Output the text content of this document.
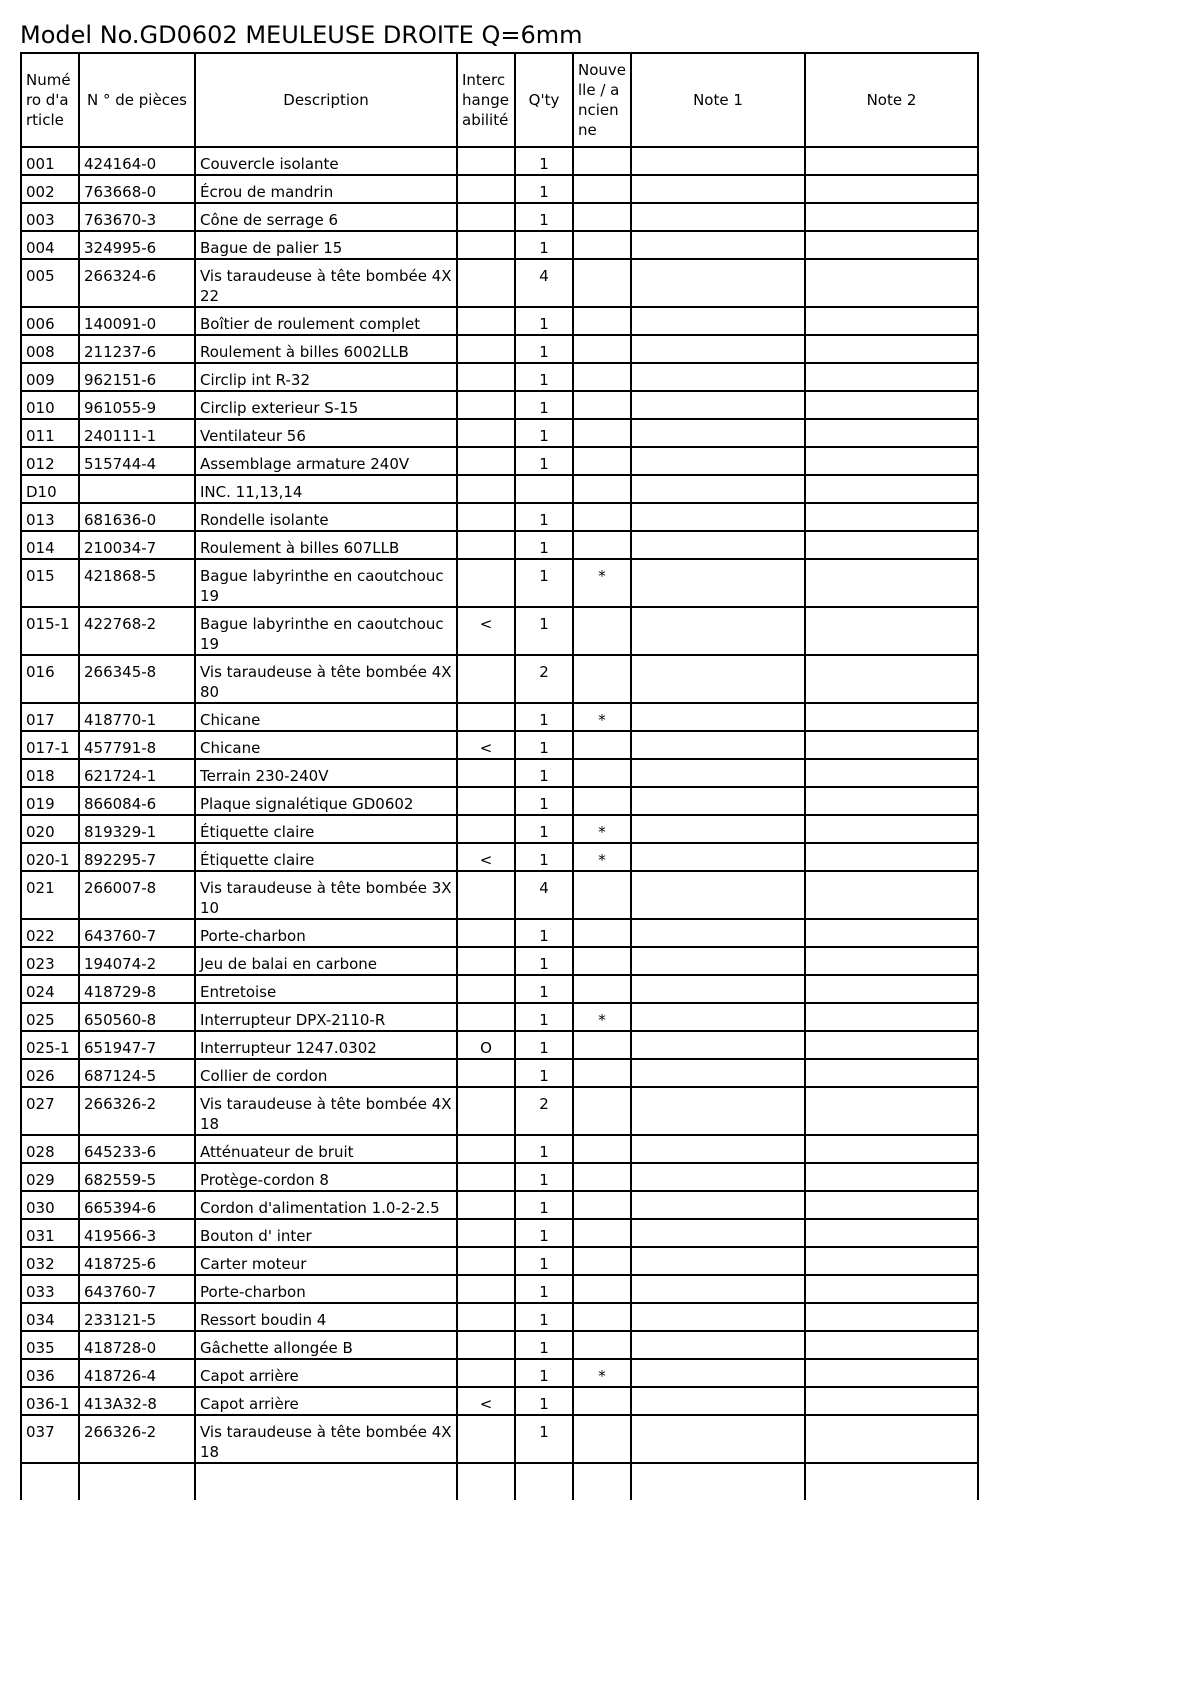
Model No.GD0602 MEULEUSE DROITE Q=6mm
Numéro d'article	N ° de pièces	Description	Interchangeabilité	Q'ty	Nouvelle / ancienne	Note 1	Note 2
001	424164-0	Couvercle isolante		1			
002	763668-0	Écrou de mandrin		1			
003	763670-3	Cône de serrage 6		1			
004	324995-6	Bague de palier 15		1			
005	266324-6	Vis taraudeuse à tête bombée 4X 22		4			
006	140091-0	Boîtier de roulement complet		1			
008	211237-6	Roulement à billes 6002LLB		1			
009	962151-6	Circlip int R-32		1			
010	961055-9	Circlip exterieur S-15		1			
011	240111-1	Ventilateur 56		1			
012	515744-4	Assemblage armature 240V		1			
D10		INC. 11,13,14					
013	681636-0	Rondelle isolante		1			
014	210034-7	Roulement à billes 607LLB		1			
015	421868-5	Bague labyrinthe en caoutchouc 19		1	*		
015-1	422768-2	Bague labyrinthe en caoutchouc 19	<	1			
016	266345-8	Vis taraudeuse à tête bombée 4X 80		2			
017	418770-1	Chicane		1	*		
017-1	457791-8	Chicane	<	1			
018	621724-1	Terrain 230-240V		1			
019	866084-6	Plaque signalétique GD0602		1			
020	819329-1	Étiquette claire		1	*		
020-1	892295-7	Étiquette claire	<	1	*		
021	266007-8	Vis taraudeuse à tête bombée 3X 10		4			
022	643760-7	Porte-charbon		1			
023	194074-2	Jeu de balai en carbone		1			
024	418729-8	Entretoise		1			
025	650560-8	Interrupteur DPX-2110-R		1	*		
025-1	651947-7	Interrupteur 1247.0302	O	1			
026	687124-5	Collier de cordon		1			
027	266326-2	Vis taraudeuse à tête bombée 4X 18		2			
028	645233-6	Atténuateur de bruit		1			
029	682559-5	Protège-cordon 8		1			
030	665394-6	Cordon d'alimentation 1.0-2-2.5		1			
031	419566-3	Bouton d' inter		1			
032	418725-6	Carter moteur		1			
033	643760-7	Porte-charbon		1			
034	233121-5	Ressort boudin 4		1			
035	418728-0	Gâchette allongée B		1			
036	418726-4	Capot arrière		1	*		
036-1	413A32-8	Capot arrière	<	1			
037	266326-2	Vis taraudeuse à tête bombée 4X 18		1			
